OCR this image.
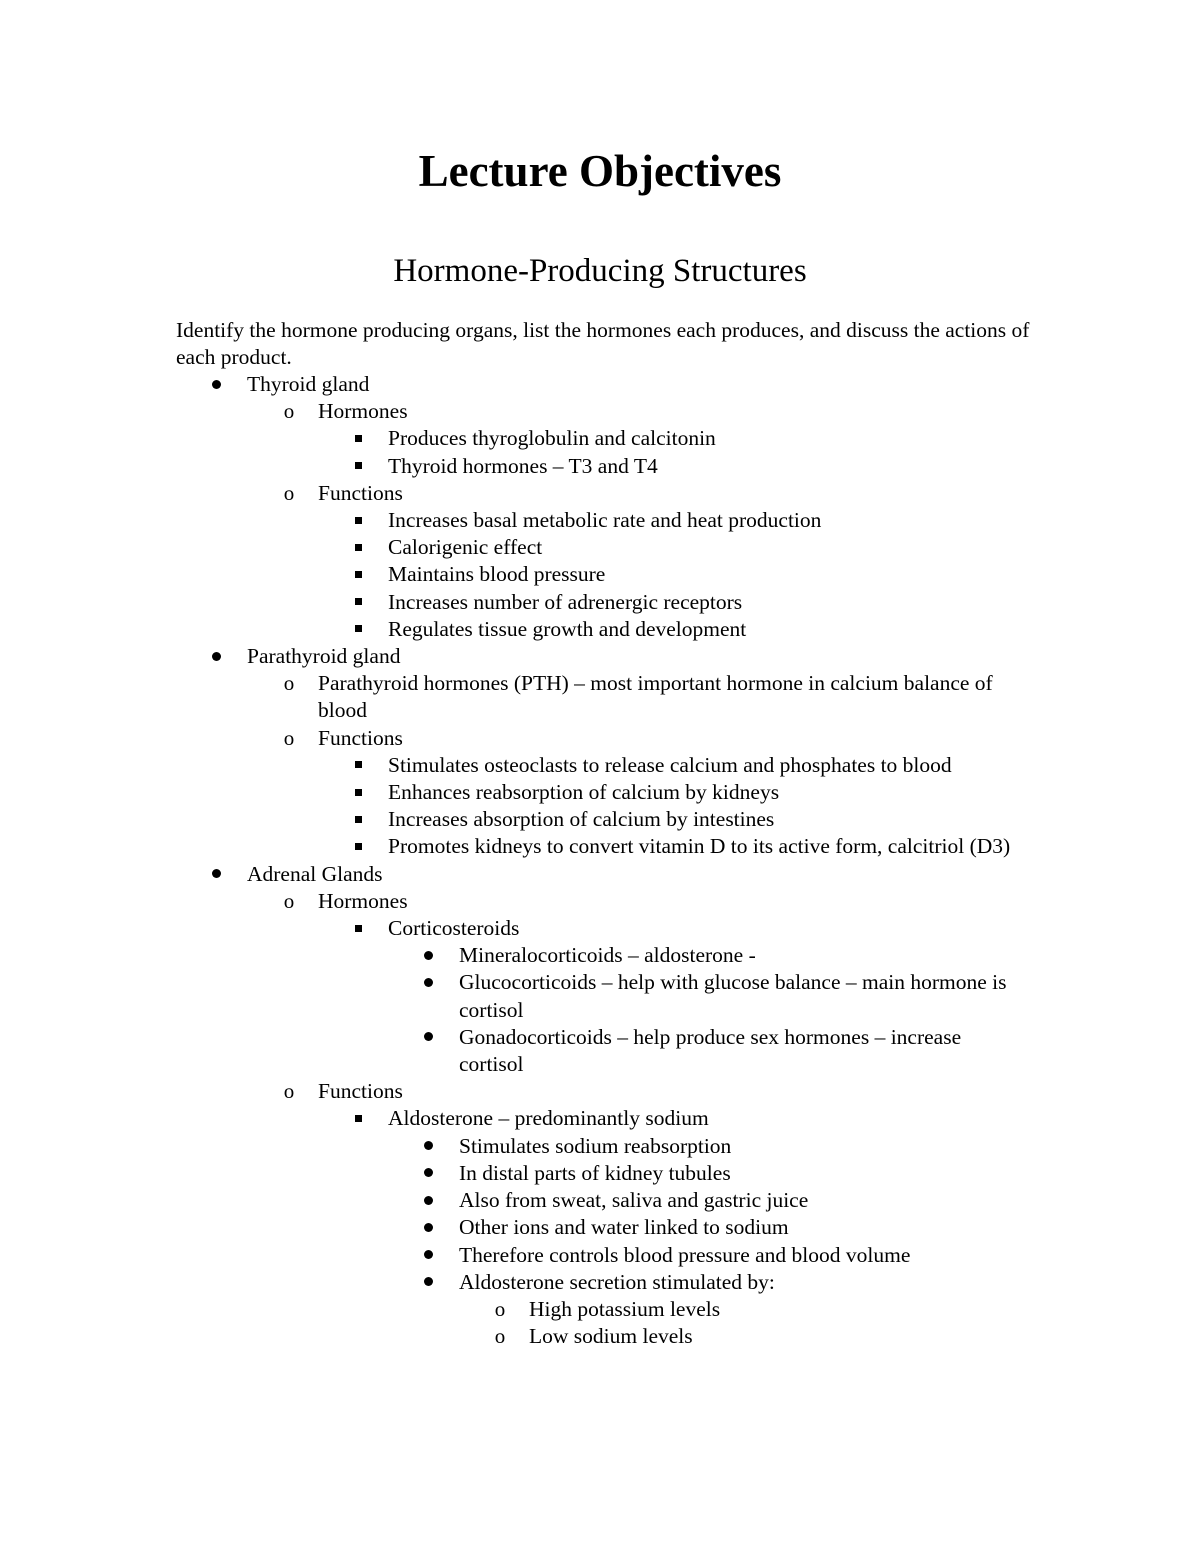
Lecture Objectives
Hormone-Producing Structures

Identify the hormone producing organs, list the hormones each produces, and discuss the actions of each product.

Thyroid gland
o Hormones
Produces thyroglobulin and calcitonin
Thyroid hormones – T3 and T4
o Functions
Increases basal metabolic rate and heat production
Calorigenic effect
Maintains blood pressure
Increases number of adrenergic receptors
Regulates tissue growth and development
Parathyroid gland
o Parathyroid hormones (PTH) – most important hormone in calcium balance of blood
o Functions
Stimulates osteoclasts to release calcium and phosphates to blood
Enhances reabsorption of calcium by kidneys
Increases absorption of calcium by intestines
Promotes kidneys to convert vitamin D to its active form, calcitriol (D3)
Adrenal Glands
o Hormones
Corticosteroids
Mineralocorticoids – aldosterone -
Glucocorticoids – help with glucose balance – main hormone is cortisol
Gonadocorticoids – help produce sex hormones – increase cortisol
o Functions
Aldosterone – predominantly sodium
Stimulates sodium reabsorption
In distal parts of kidney tubules
Also from sweat, saliva and gastric juice
Other ions and water linked to sodium
Therefore controls blood pressure and blood volume
Aldosterone secretion stimulated by:
o High potassium levels
o Low sodium levels
